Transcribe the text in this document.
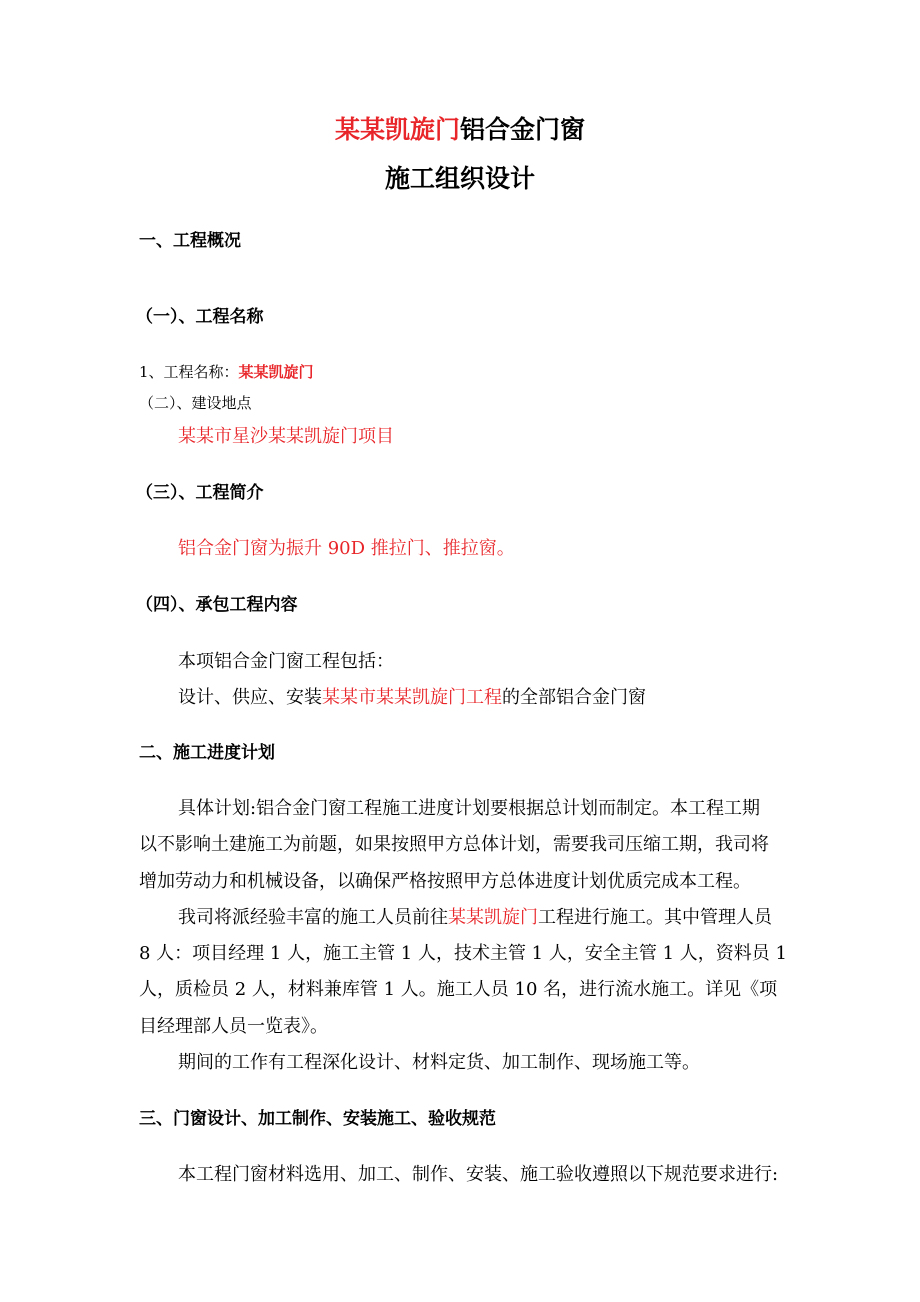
某某凯旋门铝合金门窗
施工组织设计
一、工程概况
（一）、工程名称
1、工程名称：某某凯旋门
（二）、建设地点
某某市星沙某某凯旋门项目
（三）、工程简介
铝合金门窗为振升 90D 推拉门、推拉窗。
（四）、承包工程内容
本项铝合金门窗工程包括：
设计、供应、安装某某市某某凯旋门工程的全部铝合金门窗
二、施工进度计划
具体计划:铝合金门窗工程施工进度计划要根据总计划而制定。本工程工期
以不影响土建施工为前题，如果按照甲方总体计划，需要我司压缩工期，我司将
增加劳动力和机械设备，以确保严格按照甲方总体进度计划优质完成本工程。
我司将派经验丰富的施工人员前往某某凯旋门工程进行施工。其中管理人员
8 人：项目经理 1 人，施工主管 1 人，技术主管 1 人，安全主管 1 人，资料员 1
人，质检员 2 人，材料兼库管 1 人。施工人员 10 名，进行流水施工。详见《项
目经理部人员一览表》。
期间的工作有工程深化设计、材料定货、加工制作、现场施工等。
三、门窗设计、加工制作、安装施工、验收规范
本工程门窗材料选用、加工、制作、安装、施工验收遵照以下规范要求进行:
